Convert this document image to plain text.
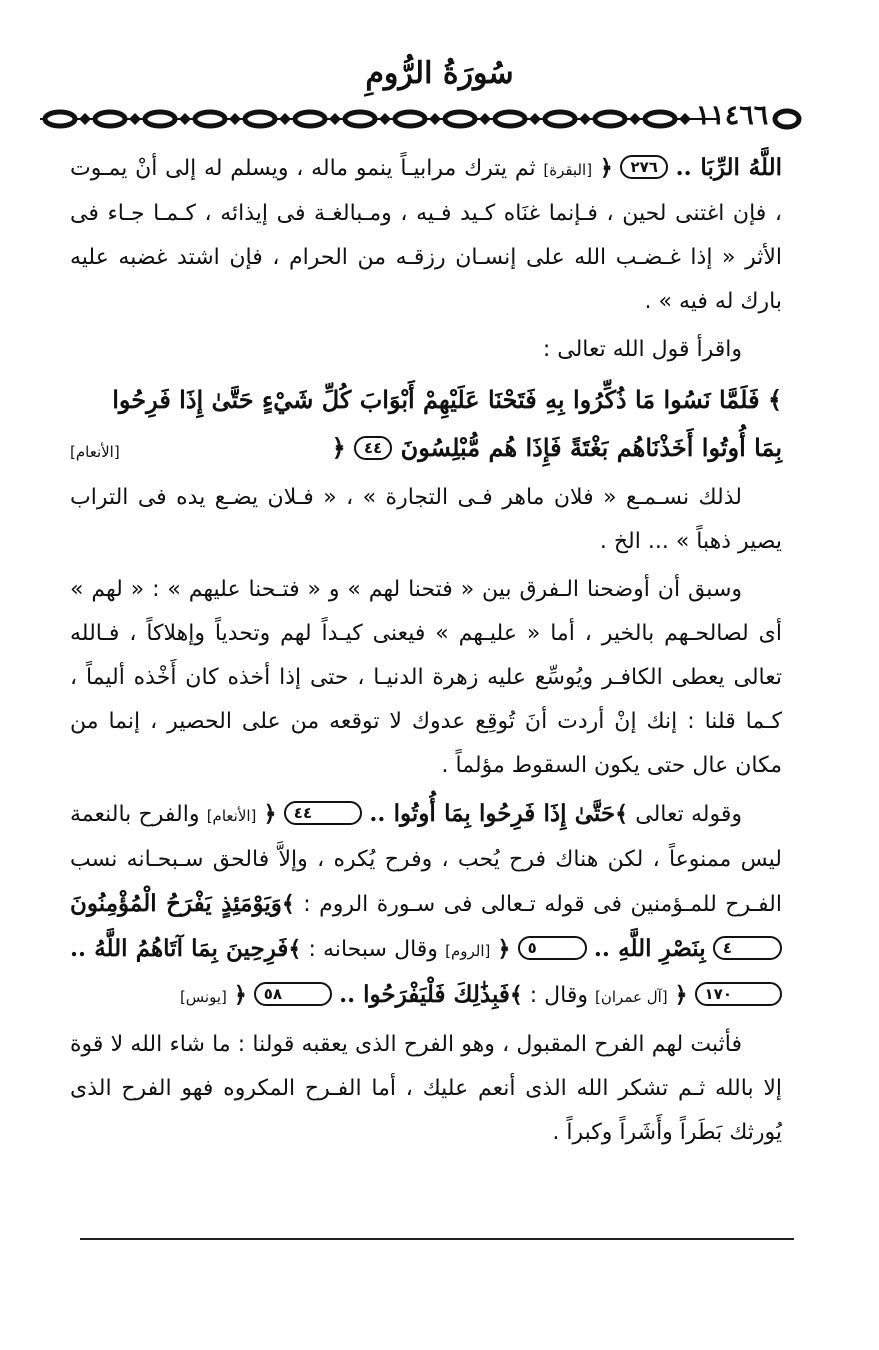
سُورَةُ الرُّومِ
١١٤٦٦

اللَّهُ الرِّبَا .. ٢٧٦ ﴿ [البقرة] ثم يترك مرابيـاً ينمو ماله ، ويسلم له إلى أنْ يمـوت ، فإن اغتنى لحين ، فـإنما غنَاه كـيد فـيه ، ومـبالغـة فى إيذائه ، كـمـا جـاء فى الأثر « إذا غـضـب الله على إنسـان رزقـه من الحرام ، فإن اشتد غضبه عليه بارك له فيه » .

واقرأ قول الله تعالى :

﴾ فَلَمَّا نَسُوا مَا ذُكِّرُوا بِهِ فَتَحْنَا عَلَيْهِمْ أَبْوَابَ كُلِّ شَيْءٍ حَتَّىٰ إِذَا فَرِحُوا
بِمَا أُوتُوا أَخَذْنَاهُم بَغْتَةً فَإِذَا هُم مُّبْلِسُونَ ٤٤ ﴿
[الأنعام]

لذلك نسـمـع « فلان ماهر فـى التجارة » ، « فـلان يضـع يده فى التراب يصير ذهباً » ... الخ .

وسبق أن أوضحنا الـفرق بين « فتحنا لهم » و « فتـحنا عليهم » : « لهم » أى لصالحـهم بالخير ، أما « عليـهم » فيعنى كيـداً لهم وتحدياً وإهلاكاً ، فـالله تعالى يعطى الكافـر ويُوسِّع عليه زهرة الدنيـا ، حتى إذا أخذه كان أَخْذه أليماً ، كـما قلنا : إنك إنْ أردت أنَ تُوقِع عدوك لا توقعه من على الحصير ، إنما من مكان عال حتى يكون السقوط مؤلماً .

وقوله تعالى ﴾حَتَّىٰ إِذَا فَرِحُوا بِمَا أُوتُوا .. ٤٤ ﴿ [الأنعام] والفرح بالنعمة ليس ممنوعاً ، لكن هناك فرح يُحب ، وفرح يُكره ، وإلاَّ فالحق سـبحـانه نسب الفـرح للمـؤمنين فى قوله تـعالى فى سـورة الروم : ﴾وَيَوْمَئِذٍ يَفْرَحُ الْمُؤْمِنُونَ ٤ بِنَصْرِ اللَّهِ .. ٥ ﴿ [الروم] وقال سبحانه : ﴾فَرِحِينَ بِمَا آتَاهُمُ اللَّهُ .. ١٧٠ ﴿ [آل عمران] وقال : ﴾فَبِذَٰلِكَ فَلْيَفْرَحُوا .. ٥٨ ﴿ [يونس]

فأثبت لهم الفرح المقبول ، وهو الفرح الذى يعقبه قولنا : ما شاء الله لا قوة إلا بالله ثـم تشكر الله الذى أنعم عليك ، أما الفـرح المكروه فهو الفرح الذى يُورثك بَطَراً وأَشَراً وكبراً .
